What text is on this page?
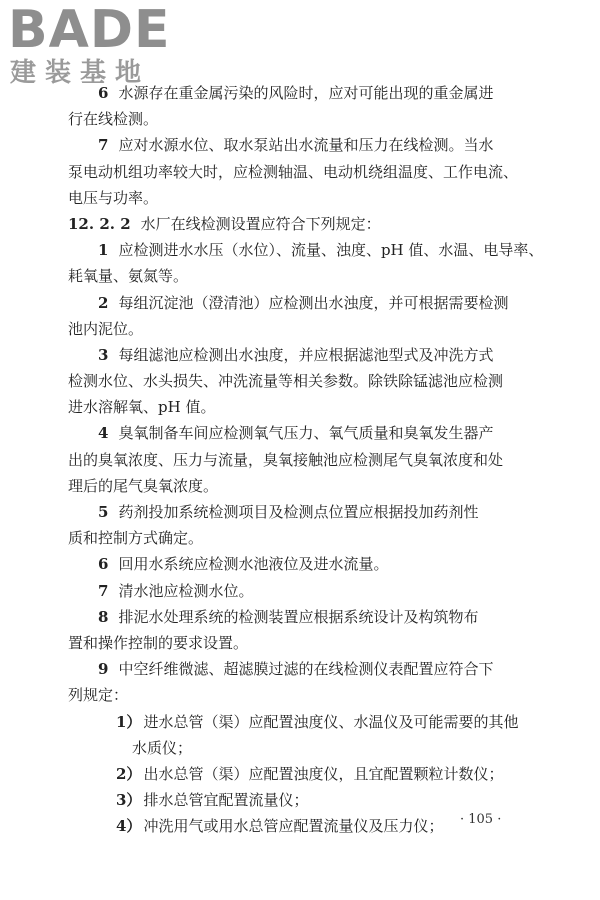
BADE
建装基地
6 水源存在重金属污染的风险时，应对可能出现的重金属进
行在线检测。
7 应对水源水位、取水泵站出水流量和压力在线检测。当水
泵电动机组功率较大时，应检测轴温、电动机绕组温度、工作电流、
电压与功率。
12. 2. 2 水厂在线检测设置应符合下列规定：
1 应检测进水水压（水位）、流量、浊度、pH 值、水温、电导率、
耗氧量、氨氮等。
2 每组沉淀池（澄清池）应检测出水浊度，并可根据需要检测
池内泥位。
3 每组滤池应检测出水浊度，并应根据滤池型式及冲洗方式
检测水位、水头损失、冲洗流量等相关参数。除铁除锰滤池应检测
进水溶解氧、pH 值。
4 臭氧制备车间应检测氧气压力、氧气质量和臭氧发生器产
出的臭氧浓度、压力与流量，臭氧接触池应检测尾气臭氧浓度和处
理后的尾气臭氧浓度。
5 药剂投加系统检测项目及检测点位置应根据投加药剂性
质和控制方式确定。
6 回用水系统应检测水池液位及进水流量。
7 清水池应检测水位。
8 排泥水处理系统的检测装置应根据系统设计及构筑物布
置和操作控制的要求设置。
9 中空纤维微滤、超滤膜过滤的在线检测仪表配置应符合下
列规定：
1） 进水总管（渠）应配置浊度仪、水温仪及可能需要的其他
水质仪；
2） 出水总管（渠）应配置浊度仪，且宜配置颗粒计数仪；
3） 排水总管宜配置流量仪；
4） 冲洗用气或用水总管应配置流量仪及压力仪；	· 105 ·
